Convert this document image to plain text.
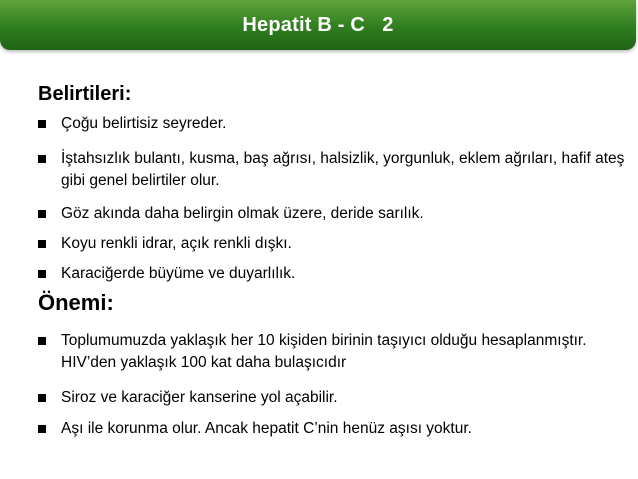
Hepatit B - C   2
Belirtileri:
Çoğu belirtisiz seyreder.
İştahsızlık bulantı, kusma, baş ağrısı, halsizlik, yorgunluk, eklem ağrıları, hafif ateş gibi genel belirtiler olur.
Göz akında daha belirgin olmak üzere, deride sarılık.
Koyu renkli idrar, açık renkli dışkı.
Karaciğerde büyüme ve duyarlılık.
Önemi:
Toplumumuzda yaklaşık her 10 kişiden birinin taşıyıcı olduğu hesaplanmıştır. HIV’den yaklaşık 100 kat daha bulaşıcıdır
Siroz ve karaciğer kanserine yol açabilir.
Aşı ile korunma olur. Ancak hepatit C’nin henüz aşısı yoktur.
